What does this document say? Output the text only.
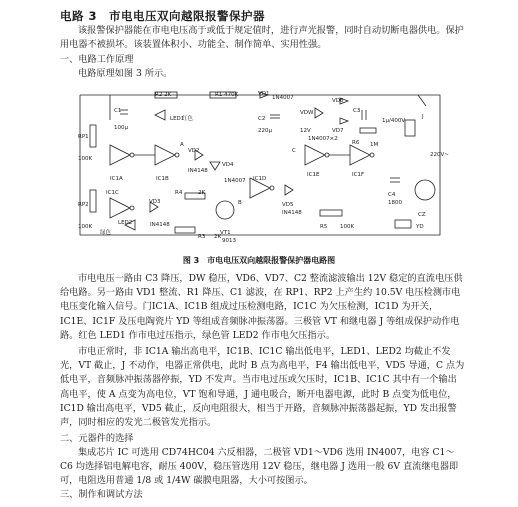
电路 3　市电电压双向越限报警保护器
该报警保护器能在市电电压高于或低于规定值时，进行声光报警，同时自动切断电器供电。保护用电器不被损坏。该装置体积小、功能全、制作简单、实用性强。
一、电路工作原理
电路原理如图 3 所示。
C1
100μ
R2 2K
LED1
红色
R1 470K	VD1
1N4007	VD6
C2
220μ
VDW
12V	VD7
1N4007×2
C3
1μ/400V
R6 1M
J
RP1
100K
IC1A	IC1B
VD2
IN4148
VD4
1N4007 IC1D
IC1E	IC1F
220V~
IC1C
VD3
IN4148
R4	2K
VD5
IN4148
C4
1800
RP2
100K
绿色
LED2
R3 2K
VT1
9013
R5 100K	YD
CZ
A
B
C
图 3　市电电压双向越限报警保护器电路图
市电电压一路由 C3 降压，DW 稳压，VD6、VD7、C2 整流滤波输出 12V 稳定的直流电压供给电路。另一路由 VD1 整流、R1 降压、C1 滤波，在 RP1、RP2 上产生约 10.5V 电压检测市电电压变化输入信号。门IC1A、IC1B 组成过压检测电路，IC1C 为欠压检测，IC1D 为开关，IC1E、IC1F 及压电陶瓷片 YD 等组成音频脉冲振荡器。三极管 VT 和继电器 J 等组成保护动作电路。红色 LED1 作市电过压指示，绿色管 LED2 作市电欠压指示。
市电正常时，非 IC1A 输出高电平，IC1B、IC1C 输出低电平，LED1、LED2 均截止不发光，VT 截止，J 不动作，电器正常供电，此时 B 点为高电平，F4 输出低电平，VD5 导通，C 点为低电平，音频脉冲振荡器停振，YD 不发声。当市电过压或欠压时，IC1B、IC1C 其中有一个输出高电平，使 A 点变为高电位，VT 饱和导通，J 通电吸合，断开电器电源，此时 B 点变为低电位，IC1D 输出高电平，VD5 截止，反向电阻很大，相当于开路，音频脉冲振荡器起振，YD 发出报警声，同时相应的发光二极管发光指示。
二、元器件的选择
集成芯片 IC 可选用 CD74HC04 六反相器，二极管 VD1～VD6 选用 IN4007，电容 C1～C6 均选择铝电解电容，耐压 400V，稳压管选用 12V 稳压，继电器 J 选用一般 6V 直流继电器即可，电阻选用普通 1/8 或 1/4W 碳膜电阻器，大小可按图示。
三、制作和调试方法
